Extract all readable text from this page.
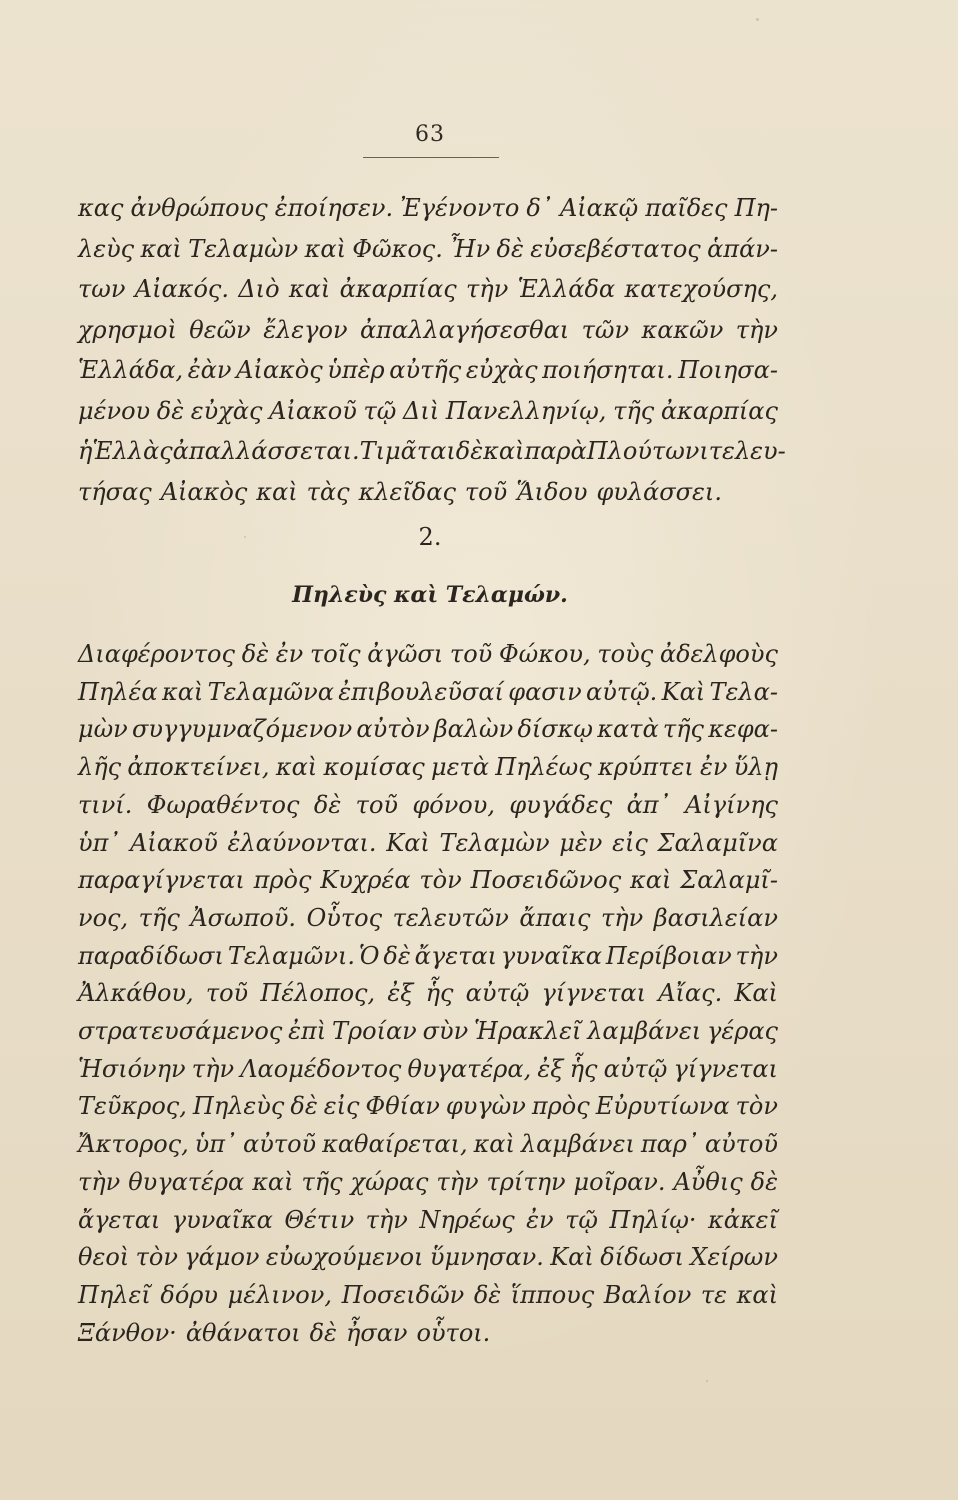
63
κας ἀνθρώπους ἐποίησεν. Ἐγένοντο δ᾽ Αἰακῷ παῖδες Πη-
λεὺς καὶ Τελαμὼν καὶ Φῶκος. Ἦν δὲ εὐσεβέστατος ἁπάν-
των Αἰακός. Διὸ καὶ ἀκαρπίας τὴν Ἑλλάδα κατεχούσης,
χρησμοὶ θεῶν ἔλεγον ἀπαλλαγήσεσθαι τῶν κακῶν τὴν
Ἑλλάδα, ἐὰν Αἰακὸς ὑπὲρ αὐτῆς εὐχὰς ποιήσηται. Ποιησα-
μένου δὲ εὐχὰς Αἰακοῦ τῷ Διὶ Πανελληνίῳ, τῆς ἀκαρπίας
ἡ Ἑλλὰς ἀπαλλάσσεται. Τιμᾶται δὲ καὶ παρὰ Πλούτωνι τελευ-
τήσας Αἰακὸς καὶ τὰς κλεῖδας τοῦ Ἅιδου φυλάσσει.
2.
Πηλεὺς καὶ Τελαμών.
Διαφέροντος δὲ ἐν τοῖς ἀγῶσι τοῦ Φώκου, τοὺς ἀδελφοὺς
Πηλέα καὶ Τελαμῶνα ἐπιβουλεῦσαί φασιν αὐτῷ. Καὶ Τελα-
μὼν συγγυμναζόμενον αὐτὸν βαλὼν δίσκῳ κατὰ τῆς κεφα-
λῆς ἀποκτείνει, καὶ κομίσας μετὰ Πηλέως κρύπτει ἐν ὕλῃ
τινί. Φωραθέντος δὲ τοῦ φόνου, φυγάδες ἀπ᾽ Αἰγίνης
ὑπ᾽ Αἰακοῦ ἐλαύνονται. Καὶ Τελαμὼν μὲν εἰς Σαλαμῖνα
παραγίγνεται πρὸς Κυχρέα τὸν Ποσειδῶνος καὶ Σαλαμῖ-
νος, τῆς Ἀσωποῦ. Οὗτος τελευτῶν ἄπαις τὴν βασιλείαν
παραδίδωσι Τελαμῶνι. Ὁ δὲ ἄγεται γυναῖκα Περίβοιαν τὴν
Ἀλκάθου, τοῦ Πέλοπος, ἐξ ἧς αὐτῷ γίγνεται Αἴας. Καὶ
στρατευσάμενος ἐπὶ Τροίαν σὺν Ἡρακλεῖ λαμβάνει γέρας
Ἡσιόνην τὴν Λαομέδοντος θυγατέρα, ἐξ ἧς αὐτῷ γίγνεται
Τεῦκρος, Πηλεὺς δὲ εἰς Φθίαν φυγὼν πρὸς Εὐρυτίωνα τὸν
Ἄκτορος, ὑπ᾽ αὐτοῦ καθαίρεται, καὶ λαμβάνει παρ᾽ αὐτοῦ
τὴν θυγατέρα καὶ τῆς χώρας τὴν τρίτην μοῖραν. Αὖθις δὲ
ἄγεται γυναῖκα Θέτιν τὴν Νηρέως ἐν τῷ Πηλίῳ· κἀκεῖ
θεοὶ τὸν γάμον εὐωχούμενοι ὕμνησαν. Καὶ δίδωσι Χείρων
Πηλεῖ δόρυ μέλινον, Ποσειδῶν δὲ ἵππους Βαλίον τε καὶ
Ξάνθον· ἀθάνατοι δὲ ἦσαν οὗτοι.
